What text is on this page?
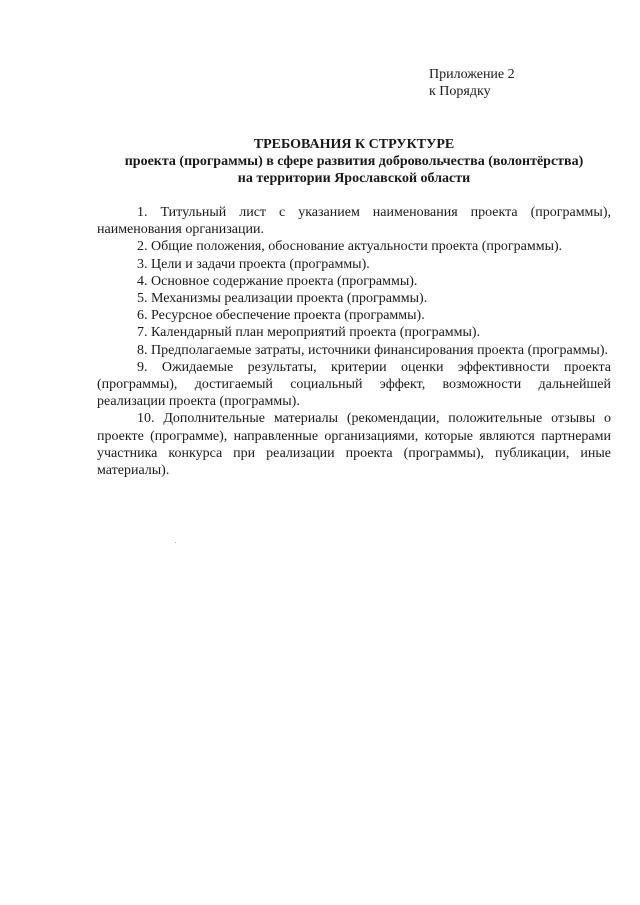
Приложение 2
к Порядку
ТРЕБОВАНИЯ К СТРУКТУРЕ
проекта (программы) в сфере развития добровольчества (волонтёрства)
на территории Ярославской области

1. Титульный лист с указанием наименования проекта (программы), наименования организации.

2. Общие положения, обоснование актуальности проекта (программы).

3. Цели и задачи проекта (программы).

4. Основное содержание проекта (программы).

5. Механизмы реализации проекта (программы).

6. Ресурсное обеспечение проекта (программы).

7. Календарный план мероприятий проекта (программы).

8. Предполагаемые затраты, источники финансирования проекта (программы).

9. Ожидаемые результаты, критерии оценки эффективности проекта (программы), достигаемый социальный эффект, возможности дальнейшей реализации проекта (программы).

10. Дополнительные материалы (рекомендации, положительные отзывы о проекте (программе), направленные организациями, которые являются партнерами участника конкурса при реализации проекта (программы), публикации, иные материалы).
